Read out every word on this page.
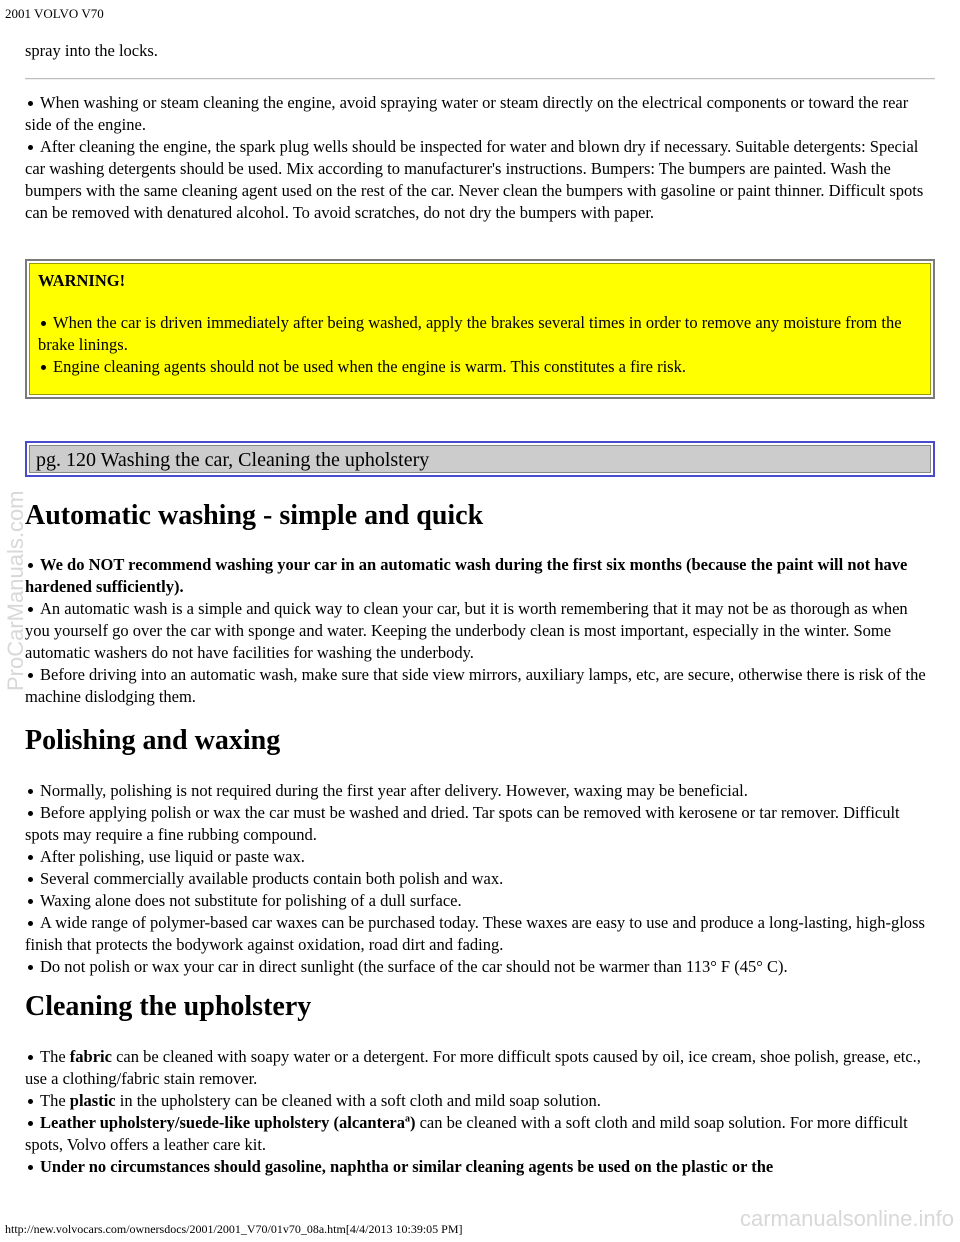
2001 VOLVO V70

spray into the locks.

When washing or steam cleaning the engine, avoid spraying water or steam directly on the electrical components or toward the rear side of the engine.
After cleaning the engine, the spark plug wells should be inspected for water and blown dry if necessary. Suitable detergents: Special car washing detergents should be used. Mix according to manufacturer's instructions. Bumpers: The bumpers are painted. Wash the bumpers with the same cleaning agent used on the rest of the car. Never clean the bumpers with gasoline or paint thinner. Difficult spots can be removed with denatured alcohol. To avoid scratches, do not dry the bumpers with paper.
WARNING!
When the car is driven immediately after being washed, apply the brakes several times in order to remove any moisture from the brake linings.
Engine cleaning agents should not be used when the engine is warm. This constitutes a fire risk.
pg. 120 Washing the car, Cleaning the upholstery
Automatic washing - simple and quick
We do NOT recommend washing your car in an automatic wash during the first six months (because the paint will not have hardened sufficiently).
An automatic wash is a simple and quick way to clean your car, but it is worth remembering that it may not be as thorough as when you yourself go over the car with sponge and water. Keeping the underbody clean is most important, especially in the winter. Some automatic washers do not have facilities for washing the underbody.
Before driving into an automatic wash, make sure that side view mirrors, auxiliary lamps, etc, are secure, otherwise there is risk of the machine dislodging them.
Polishing and waxing
Normally, polishing is not required during the first year after delivery. However, waxing may be beneficial.
Before applying polish or wax the car must be washed and dried. Tar spots can be removed with kerosene or tar remover. Difficult spots may require a fine rubbing compound.
After polishing, use liquid or paste wax.
Several commercially available products contain both polish and wax.
Waxing alone does not substitute for polishing of a dull surface.
A wide range of polymer-based car waxes can be purchased today. These waxes are easy to use and produce a long-lasting, high-gloss finish that protects the bodywork against oxidation, road dirt and fading.
Do not polish or wax your car in direct sunlight (the surface of the car should not be warmer than 113° F (45° C).
Cleaning the upholstery
The fabric can be cleaned with soapy water or a detergent. For more difficult spots caused by oil, ice cream, shoe polish, grease, etc., use a clothing/fabric stain remover.
The plastic in the upholstery can be cleaned with a soft cloth and mild soap solution.
Leather upholstery/suede-like upholstery (alcantera$^a$) can be cleaned with a soft cloth and mild soap solution. For more difficult spots, Volvo offers a leather care kit.
Under no circumstances should gasoline, naphtha or similar cleaning agents be used on the plastic or the
ProCarManuals.com
carmanualsonline.info
http://new.volvocars.com/ownersdocs/2001/2001_V70/01v70_08a.htm[4/4/2013 10:39:05 PM]
